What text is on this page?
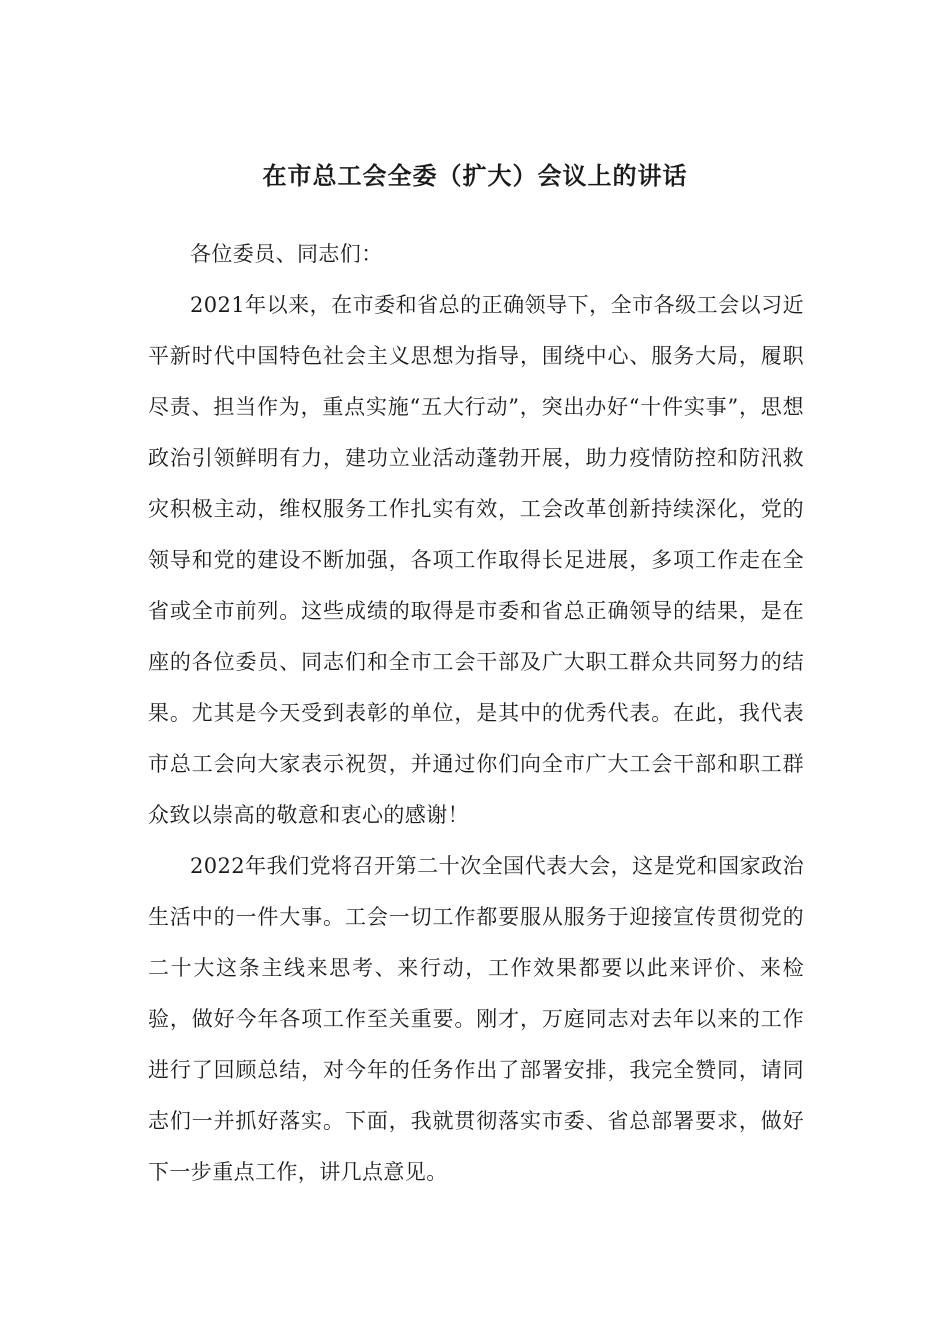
在市总工会全委（扩大）会议上的讲话

各位委员、同志们：

2021年以来，在市委和省总的正确领导下，全市各级工会以习近平新时代中国特色社会主义思想为指导，围绕中心、服务大局，履职尽责、担当作为，重点实施“五大行动”，突出办好“十件实事”，思想政治引领鲜明有力，建功立业活动蓬勃开展，助力疫情防控和防汛救灾积极主动，维权服务工作扎实有效，工会改革创新持续深化，党的领导和党的建设不断加强，各项工作取得长足进展，多项工作走在全省或全市前列。这些成绩的取得是市委和省总正确领导的结果，是在座的各位委员、同志们和全市工会干部及广大职工群众共同努力的结果。尤其是今天受到表彰的单位，是其中的优秀代表。在此，我代表市总工会向大家表示祝贺，并通过你们向全市广大工会干部和职工群众致以崇高的敬意和衷心的感谢！

2022年我们党将召开第二十次全国代表大会，这是党和国家政治生活中的一件大事。工会一切工作都要服从服务于迎接宣传贯彻党的二十大这条主线来思考、来行动，工作效果都要以此来评价、来检验，做好今年各项工作至关重要。刚才，万庭同志对去年以来的工作进行了回顾总结，对今年的任务作出了部署安排，我完全赞同，请同志们一并抓好落实。下面，我就贯彻落实市委、省总部署要求，做好下一步重点工作，讲几点意见。
